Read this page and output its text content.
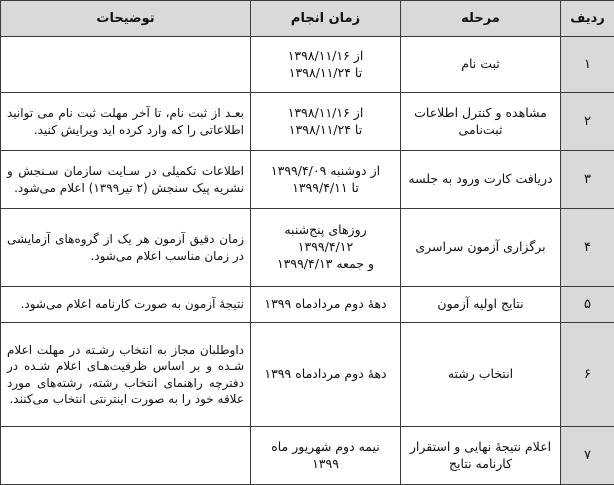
ردیف	مرحله	زمان انجام	توضیحات
۱	ثبت نام	از ۱۳۹۸/۱۱/۱۶
تا ۱۳۹۸/۱۱/۲۴	
۲	مشاهده و کنترل اطلاعات ثبت‌نامی	از ۱۳۹۸/۱۱/۱۶
تا ۱۳۹۸/۱۱/۲۴	بعـد از ثبت نام، تا آخر مهلت ثبت نام می توانید اطلاعاتی را که وارد کرده اید ویرایش کنید.
۳	دریافت کارت ورود به جلسه	از دوشنبه ۱۳۹۹/۴/۰۹
تا ۱۳۹۹/۴/۱۱	اطلاعات تکمیلی در سـایت سازمان سـنجش و نشریه پیک سنجش (۲ تیر۱۳۹۹) اعلام می‌شود.
۴	برگزاری آزمون سراسری	روزهای پنج‌شنبه
۱۳۹۹/۴/۱۲
و جمعه ۱۳۹۹/۴/۱۳	زمان دقیق آزمون هر یک از گروه‌های آزمایشی در زمان مناسب اعلام می‌شود.
۵	نتایج اولیه آزمون	دههٔ دوم مردادماه ۱۳۹۹	نتیجهٔ آزمون به صورت کارنامه اعلام می‌شود.
۶	انتخاب رشته	دههٔ دوم مردادماه ۱۳۹۹	داوطلبان مجاز به انتخاب رشـته در مهلت اعلام شـده و بر اساس ظرفیت‌هـای اعلام شـده در دفترچه راهنمای انتخاب رشته، رشته‌های مورد علاقه خود را به صورت اینترنتی انتخاب می‌کنند.
۷	اعلام نتیجهٔ نهایی و استقرار کارنامه نتایج	نیمه دوم شهریور ماه ۱۳۹۹	
